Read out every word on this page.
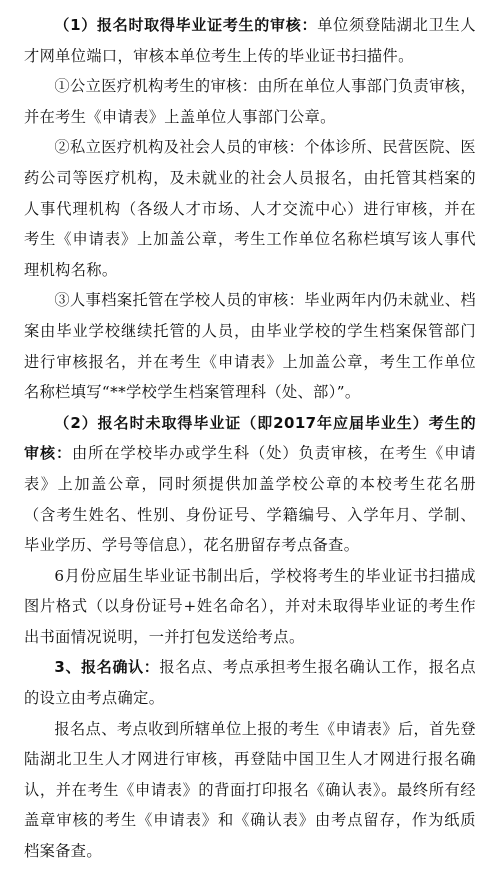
（1）报名时取得毕业证考生的审核：单位须登陆湖北卫生人才网单位端口，审核本单位考生上传的毕业证书扫描件。

①公立医疗机构考生的审核：由所在单位人事部门负责审核，并在考生《申请表》上盖单位人事部门公章。

②私立医疗机构及社会人员的审核：个体诊所、民营医院、医药公司等医疗机构，及未就业的社会人员报名，由托管其档案的人事代理机构（各级人才市场、人才交流中心）进行审核，并在考生《申请表》上加盖公章，考生工作单位名称栏填写该人事代理机构名称。

③人事档案托管在学校人员的审核：毕业两年内仍未就业、档案由毕业学校继续托管的人员，由毕业学校的学生档案保管部门进行审核报名，并在考生《申请表》上加盖公章，考生工作单位名称栏填写“**学校学生档案管理科（处、部）”。

（2）报名时未取得毕业证（即2017年应届毕业生）考生的审核：由所在学校毕办或学生科（处）负责审核，在考生《申请表》上加盖公章，同时须提供加盖学校公章的本校考生花名册（含考生姓名、性别、身份证号、学籍编号、入学年月、学制、毕业学历、学号等信息），花名册留存考点备查。

6月份应届生毕业证书制出后，学校将考生的毕业证书扫描成图片格式（以身份证号+姓名命名），并对未取得毕业证的考生作出书面情况说明，一并打包发送给考点。

3、报名确认：报名点、考点承担考生报名确认工作，报名点的设立由考点确定。

报名点、考点收到所辖单位上报的考生《申请表》后，首先登陆湖北卫生人才网进行审核，再登陆中国卫生人才网进行报名确认，并在考生《申请表》的背面打印报名《确认表》。最终所有经盖章审核的考生《申请表》和《确认表》由考点留存，作为纸质档案备查。
